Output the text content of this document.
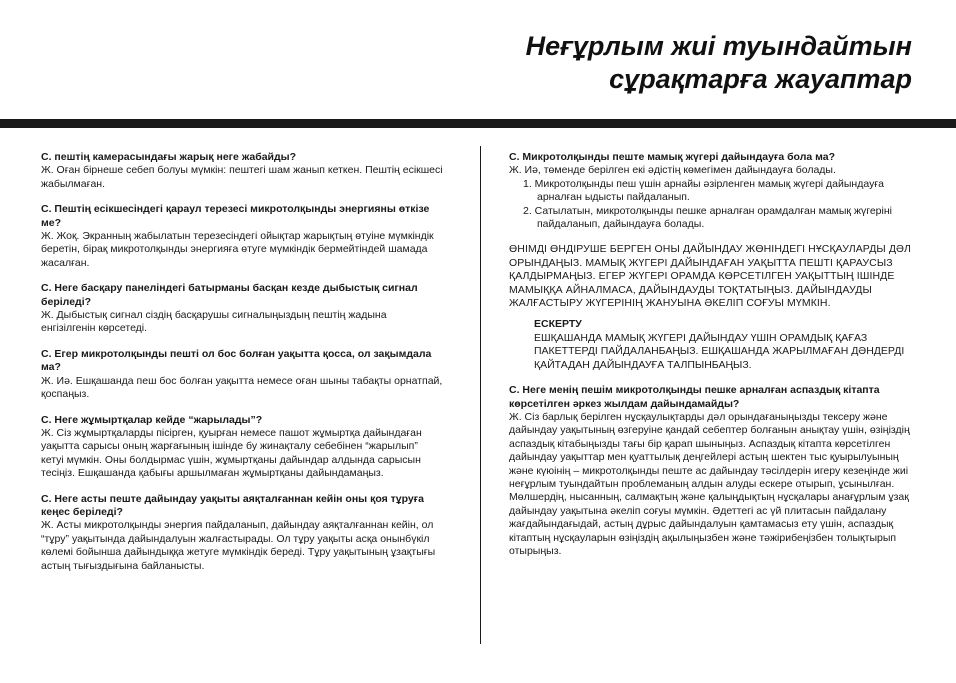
Неғұрлым жиі туындайтын
сұрақтарға жауаптар
С. пештің камерасындағы жарық неге жабайды?
Ж. Оған бірнеше себеп болуы мүмкін: пештегі шам жанып кеткен. Пештің есікшесі жабылмаған.
С. Пештің есікшесіндегі қараул терезесі микротолқынды энергияны өткізе ме?
Ж. Жоқ. Экранның жабылатын терезесіндегі ойықтар жарықтың өтуіне мүмкіндік беретін, бірақ микротолқынды энергияға өтуге мүмкіндік бермейтіндей шамада жасалған.
С. Неге басқару панеліндегі батырманы басқан кезде дыбыстық сигнал беріледі?
Ж. Дыбыстық сигнал сіздің басқарушы сигналыңыздың пештің жадына енгізілгенін көрсетеді.
С. Егер микротолқынды пешті ол бос болған уақытта қосса, ол зақымдала ма?
Ж. Иә. Ешқашанда пеш бос болған уақытта немесе оған шыны табақты орнатпай, қоспаңыз.
С. Неге жұмыртқалар кейде “жарылады”?
Ж. Сіз жұмыртқаларды пісірген, қуырған немесе пашот жұмыртқа дайындаған уақытта сарысы оның жарғағының ішінде бу жинақталу себебінен “жарылып” кетуі мүмкін. Оны болдырмас үшін, жұмыртқаны дайындар алдында сарысын тесіңіз. Ешқашанда қабығы аршылмаған жұмыртқаны дайындамаңыз.
С. Неге асты пеште дайындау уақыты аяқталғаннан кейін оны қоя тұруға кеңес беріледі?
Ж. Асты микротолқынды энергия пайдаланып, дайындау аяқталғаннан кейін, ол “тұру” уақытында дайындалуын жалғастырады. Ол тұру уақыты асқа онынбүкіл көлемі бойынша дайындыққа жетуге мүмкіндік береді. Тұру уақытының ұзақтығы астың тығыздығына байланысты.
С. Микротолқынды пеште мамық жүгері дайындауға бола ма?
Ж. Иә, төменде берілген екі әдістің көмегімен дайындауға болады.
1. Микротолқынды пеш үшін арнайы әзірленген мамық жүгері дайындауға арналған ыдысты пайдаланып.
2. Сатылатын, микротолқынды пешке арналған орамдалған мамық жүгеріні пайдаланып, дайындауға болады.
ӨНІМДІ ӨНДІРУШЕ БЕРГЕН ОНЫ ДАЙЫНДАУ ЖӨНІНДЕГІ НҰСҚАУЛАРДЫ ДӘЛ ОРЫНДАҢЫЗ. МАМЫҚ ЖҮГЕРІ ДАЙЫНДАҒАН УАҚЫТТА ПЕШТІ ҚАРАУСЫЗ ҚАЛДЫРМАҢЫЗ. ЕГЕР ЖҮГЕРІ ОРАМДА КӨРСЕТІЛГЕН УАҚЫТТЫҢ ІШІНДЕ МАМЫҚҚА АЙНАЛМАСА, ДАЙЫНДАУДЫ ТОҚТАТЫҢЫЗ. ДАЙЫНДАУДЫ ЖАЛҒАСТЫРУ ЖҮГЕРІНІҢ ЖАНУЫНА ӘКЕЛІП СОҒУЫ МҮМКІН.
ЕСКЕРТУ
ЕШҚАШАНДА МАМЫҚ ЖҮГЕРІ ДАЙЫНДАУ ҮШІН ОРАМДЫҚ ҚАҒАЗ ПАКЕТТЕРДІ ПАЙДАЛАНБАҢЫЗ. ЕШҚАШАНДА ЖАРЫЛМАҒАН ДӘНДЕРДІ ҚАЙТАДАН ДАЙЫНДАУҒА ТАЛПЫНБАҢЫЗ.
С. Неге менің пешім микротолқынды пешке арналған аспаздық кітапта көрсетілген әркез жылдам дайындамайды?
Ж. Сіз барлық берілген нұсқаулықтарды дәл орындағаныңызды тексеру және дайындау уақытының өзгеруіне қандай себептер болғанын анықтау үшін, өзіңіздің аспаздық кітабыңызды тағы бір қарап шыныңыз. Аспаздық кітапта көрсетілген дайындау уақыттар мен қуаттылық деңгейлері астың шектен тыс қуырылуының және күюінің – микротолқынды пеште ас дайындау тәсілдерін игеру кезеңінде жиі неғұрлым туындайтын проблеманың алдын алуды ескере отырып, ұсынылған. Мөлшердің, нысанның, салмақтың және қалыңдықтың нұсқалары анағұрлым ұзақ дайындау уақытына әкеліп соғуы мүмкін. Әдеттегі ас үй плитасын пайдалану жағдайындағыдай, астың дұрыс дайындалуын қамтамасыз ету үшін, аспаздық кітаптың нұсқауларын өзіңіздің ақылыңызбен және тәжірибеңізбен толықтырып отырыңыз.
